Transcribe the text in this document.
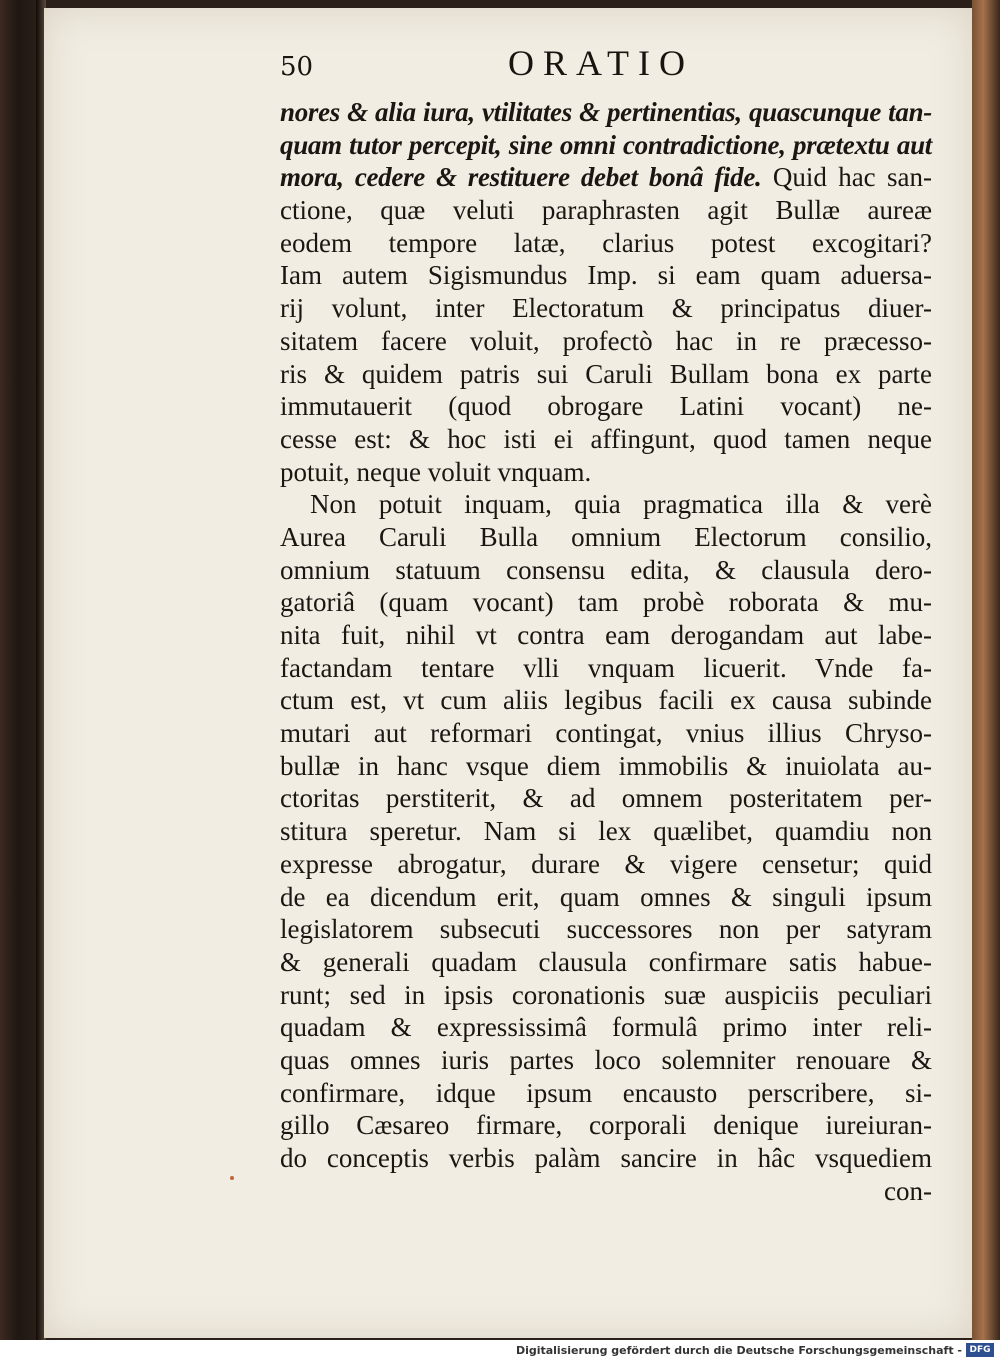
50	ORATIO
nores & alia iura, vtilitates & pertinentias, quascunque tan-
quam tutor percepit, sine omni contradictione, prætextu aut
mora, cedere & restituere debet bonâ fide. Quid hac san-
ctione, quæ veluti paraphrasten agit Bullæ aureæ
eodem tempore latæ, clarius potest excogitari?
Iam autem Sigismundus Imp. si eam quam aduersa-
rij volunt, inter Electoratum & principatus diuer-
sitatem facere voluit, profectò hac in re præcesso-
ris & quidem patris sui Caruli Bullam bona ex parte
immutauerit (quod obrogare Latini vocant) ne-
cesse est: & hoc isti ei affingunt, quod tamen neque
potuit, neque voluit vnquam.
Non potuit inquam, quia pragmatica illa & verè
Aurea Caruli Bulla omnium Electorum consilio,
omnium statuum consensu edita, & clausula dero-
gatoriâ (quam vocant) tam probè roborata & mu-
nita fuit, nihil vt contra eam derogandam aut labe-
factandam tentare vlli vnquam licuerit. Vnde fa-
ctum est, vt cum aliis legibus facili ex causa subinde
mutari aut reformari contingat, vnius illius Chryso-
bullæ in hanc vsque diem immobilis & inuiolata au-
ctoritas perstiterit, & ad omnem posteritatem per-
stitura speretur. Nam si lex quælibet, quamdiu non
expresse abrogatur, durare & vigere censetur; quid
de ea dicendum erit, quam omnes & singuli ipsum
legislatorem subsecuti successores non per satyram
& generali quadam clausula confirmare satis habue-
runt; sed in ipsis coronationis suæ auspiciis peculiari
quadam & expressissimâ formulâ primo inter reli-
quas omnes iuris partes loco solemniter renouare &
confirmare, idque ipsum encausto perscribere, si-
gillo Cæsareo firmare, corporali denique iureiuran-
do conceptis verbis palàm sancire in hâc vsquediem
con-
Digitalisierung gefördert durch die Deutsche Forschungsgemeinschaft - DFG
